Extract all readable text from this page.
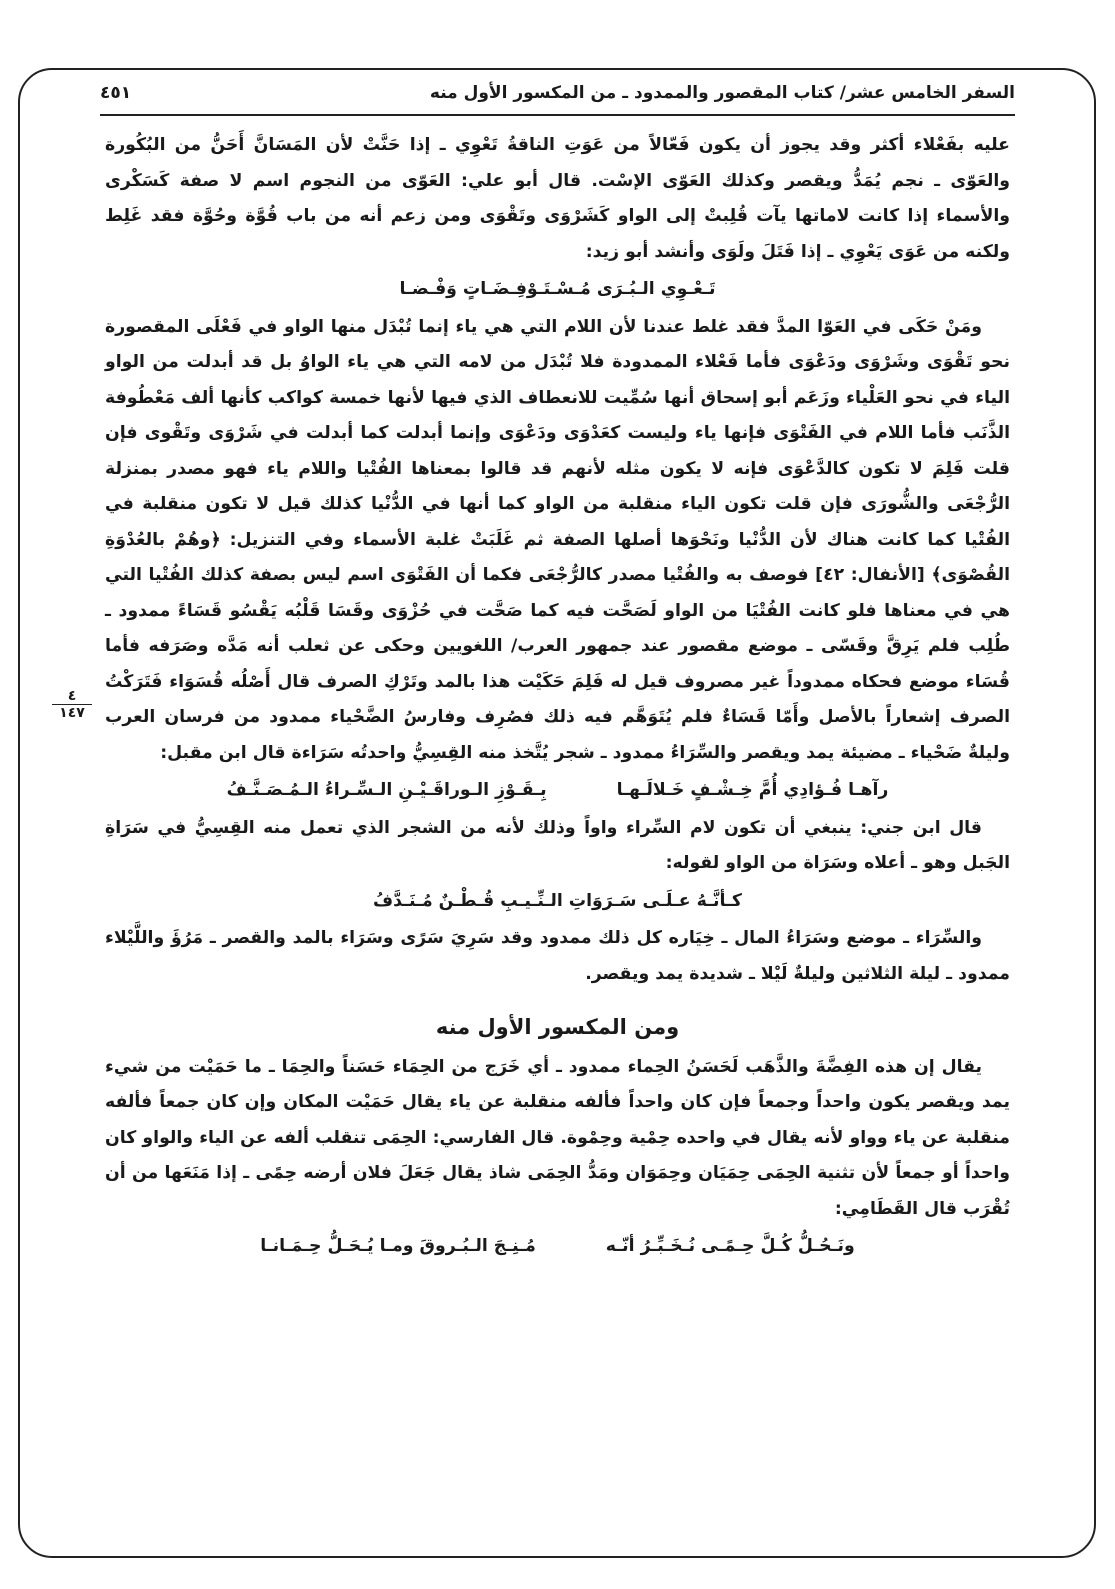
السفر الخامس عشر/ كتاب المقصور والممدود ـ من المكسور الأول منه
٤٥١
٤
١٤٧

عليه بفَعْلاء أكثر وقد يجوز أن يكون فَعّالاً من عَوَتِ الناقةُ تَعْوِي ـ إذا حَنَّتْ لأن المَسَانَّ أَحَنُّ من البُكُورة والعَوّى ـ نجم يُمَدُّ ويقصر وكذلك العَوّى الإسْت. قال أبو علي: العَوّى من النجوم اسم لا صفة كَسَكْرى والأسماء إذا كانت لاماتها يآت قُلِبتْ إلى الواو كَشَرْوَى وتَقْوَى ومن زعم أنه من باب قُوَّة وحُوَّة فقد غَلِط ولكنه من عَوَى يَعْوِي ـ إذا فَتَلَ ولَوَى وأنشد أبو زيد:

تَـعْـوِي الـبُـرَى مُـسْـتَـوْفِـضَـاتٍ وَفْـضـا

ومَنْ حَكَى في العَوّا المدَّ فقد غلط عندنا لأن اللام التي هي ياء إنما تُبْدَل منها الواو في فَعْلَى المقصورة نحو تَقْوَى وشَرْوَى ودَعْوَى فأما فَعْلاء الممدودة فلا تُبْدَل من لامه التي هي ياء الواوُ بل قد أبدلت من الواو الياء في نحو العَلْياء وزَعَم أبو إسحاق أنها سُمِّيت للانعطاف الذي فيها لأنها خمسة كواكب كأنها ألف مَعْطُوفة الذَّنَب فأما اللام في الفَتْوَى فإنها ياء وليست كعَدْوَى ودَعْوَى وإنما أبدلت كما أبدلت في شَرْوَى وتَقْوى فإن قلت فَلِمَ لا تكون كالدَّعْوَى فإنه لا يكون مثله لأنهم قد قالوا بمعناها الفُتْيا واللام ياء فهو مصدر بمنزلة الرُّجْعَى والشُّورَى فإن قلت تكون الياء منقلبة من الواو كما أنها في الدُّنْيا كذلك قيل لا تكون منقلبة في الفُتْيا كما كانت هناك لأن الدُّنْيا ونَحْوَها أصلها الصفة ثم غَلَبَتْ غلبة الأسماء وفي التنزيل: ﴿وهُمْ بالعُدْوَةِ القُصْوَى﴾ [الأنفال: ٤٢] فوصف به والفُتْيا مصدر كالرُّجْعَى فكما أن الفَتْوَى اسم ليس بصفة كذلك الفُتْيا التي هي في معناها فلو كانت الفُتْيَا من الواو لَصَحَّت فيه كما صَحَّت في حُزْوَى وقَسَا قَلْبُه يَقْسُو قَسَاءً ممدود ـ طُلِب فلم يَرِقَّ وقَسّى ـ موضع مقصور عند جمهور العرب/ اللغويين وحكى عن ثعلب أنه مَدَّه وصَرَفه فأما قُسَاء موضع فحكاه ممدوداً غير مصروف قيل له فَلِمَ حَكَيْت هذا بالمد وتَرْكِ الصرف قال أَصْلُه قُسَوَاء فَتَرَكْتُ الصرف إشعاراً بالأصل وأَمّا قَسَاءٌ فلم يُتَوَهَّم فيه ذلك فصُرِف وفارسُ الضَّحْياء ممدود من فرسان العرب وليلةٌ ضَحْياء ـ مضيئة يمد ويقصر والسِّرَاءُ ممدود ـ شجر يُتَّخذ منه القِسِيُّ واحدتُه سَرَاءة قال ابن مقبل:

رآهـا فُـؤادِي أُمَّ خِـشْـفٍ خَـلالَـهـا
بِـقَـوْزِ الـوراقَـيْـنِ الـسِّـراءُ الـمُـصَـنَّـفُ

قال ابن جني: ينبغي أن تكون لام السِّراء واواً وذلك لأنه من الشجر الذي تعمل منه القِسِيُّ في سَرَاةِ الجَبل وهو ـ أعلاه وسَرَاة من الواو لقوله:

كـأنَّـهُ عـلَـى سَـرَوَاتِ الـنِّـيـبِ قُـطْـنٌ مُـنَـدَّفُ

والسِّرَاء ـ موضع وسَرَاءُ المال ـ خِيَاره كل ذلك ممدود وقد سَرِيَ سَرًى وسَرَاء بالمد والقصر ـ مَرُؤَ واللَّيْلاء ممدود ـ ليلة الثلاثين وليلةٌ لَيْلا ـ شديدة يمد ويقصر.

ومن المكسور الأول منه

يقال إن هذه الفِضَّةَ والذَّهَب لَحَسَنُ الحِماء ممدود ـ أي خَرَج من الحِمَاء حَسَناً والحِمَا ـ ما حَمَيْت من شيء يمد ويقصر يكون واحداً وجمعاً فإن كان واحداً فألفه منقلبة عن ياء يقال حَمَيْت المكان وإن كان جمعاً فألفه منقلبة عن ياء وواو لأنه يقال في واحده حِمْية وحِمْوة. قال الفارسي: الحِمَى تنقلب ألفه عن الياء والواو كان واحداً أو جمعاً لأن تثنية الحِمَى حِمَيَان وحِمَوَان ومَدُّ الحِمَى شاذ يقال جَعَلَ فلان أرضه حِمًى ـ إذا مَنَعَها من أن تُقْرَب قال القَطَامِي:

ونَـحُـلُّ كُـلَّ حِـمًـى نُـخَـبِّـرُ أنّـه
مُـنِـجَ الـبُـروقَ ومـا يُـحَـلُّ حِـمَـانـا
